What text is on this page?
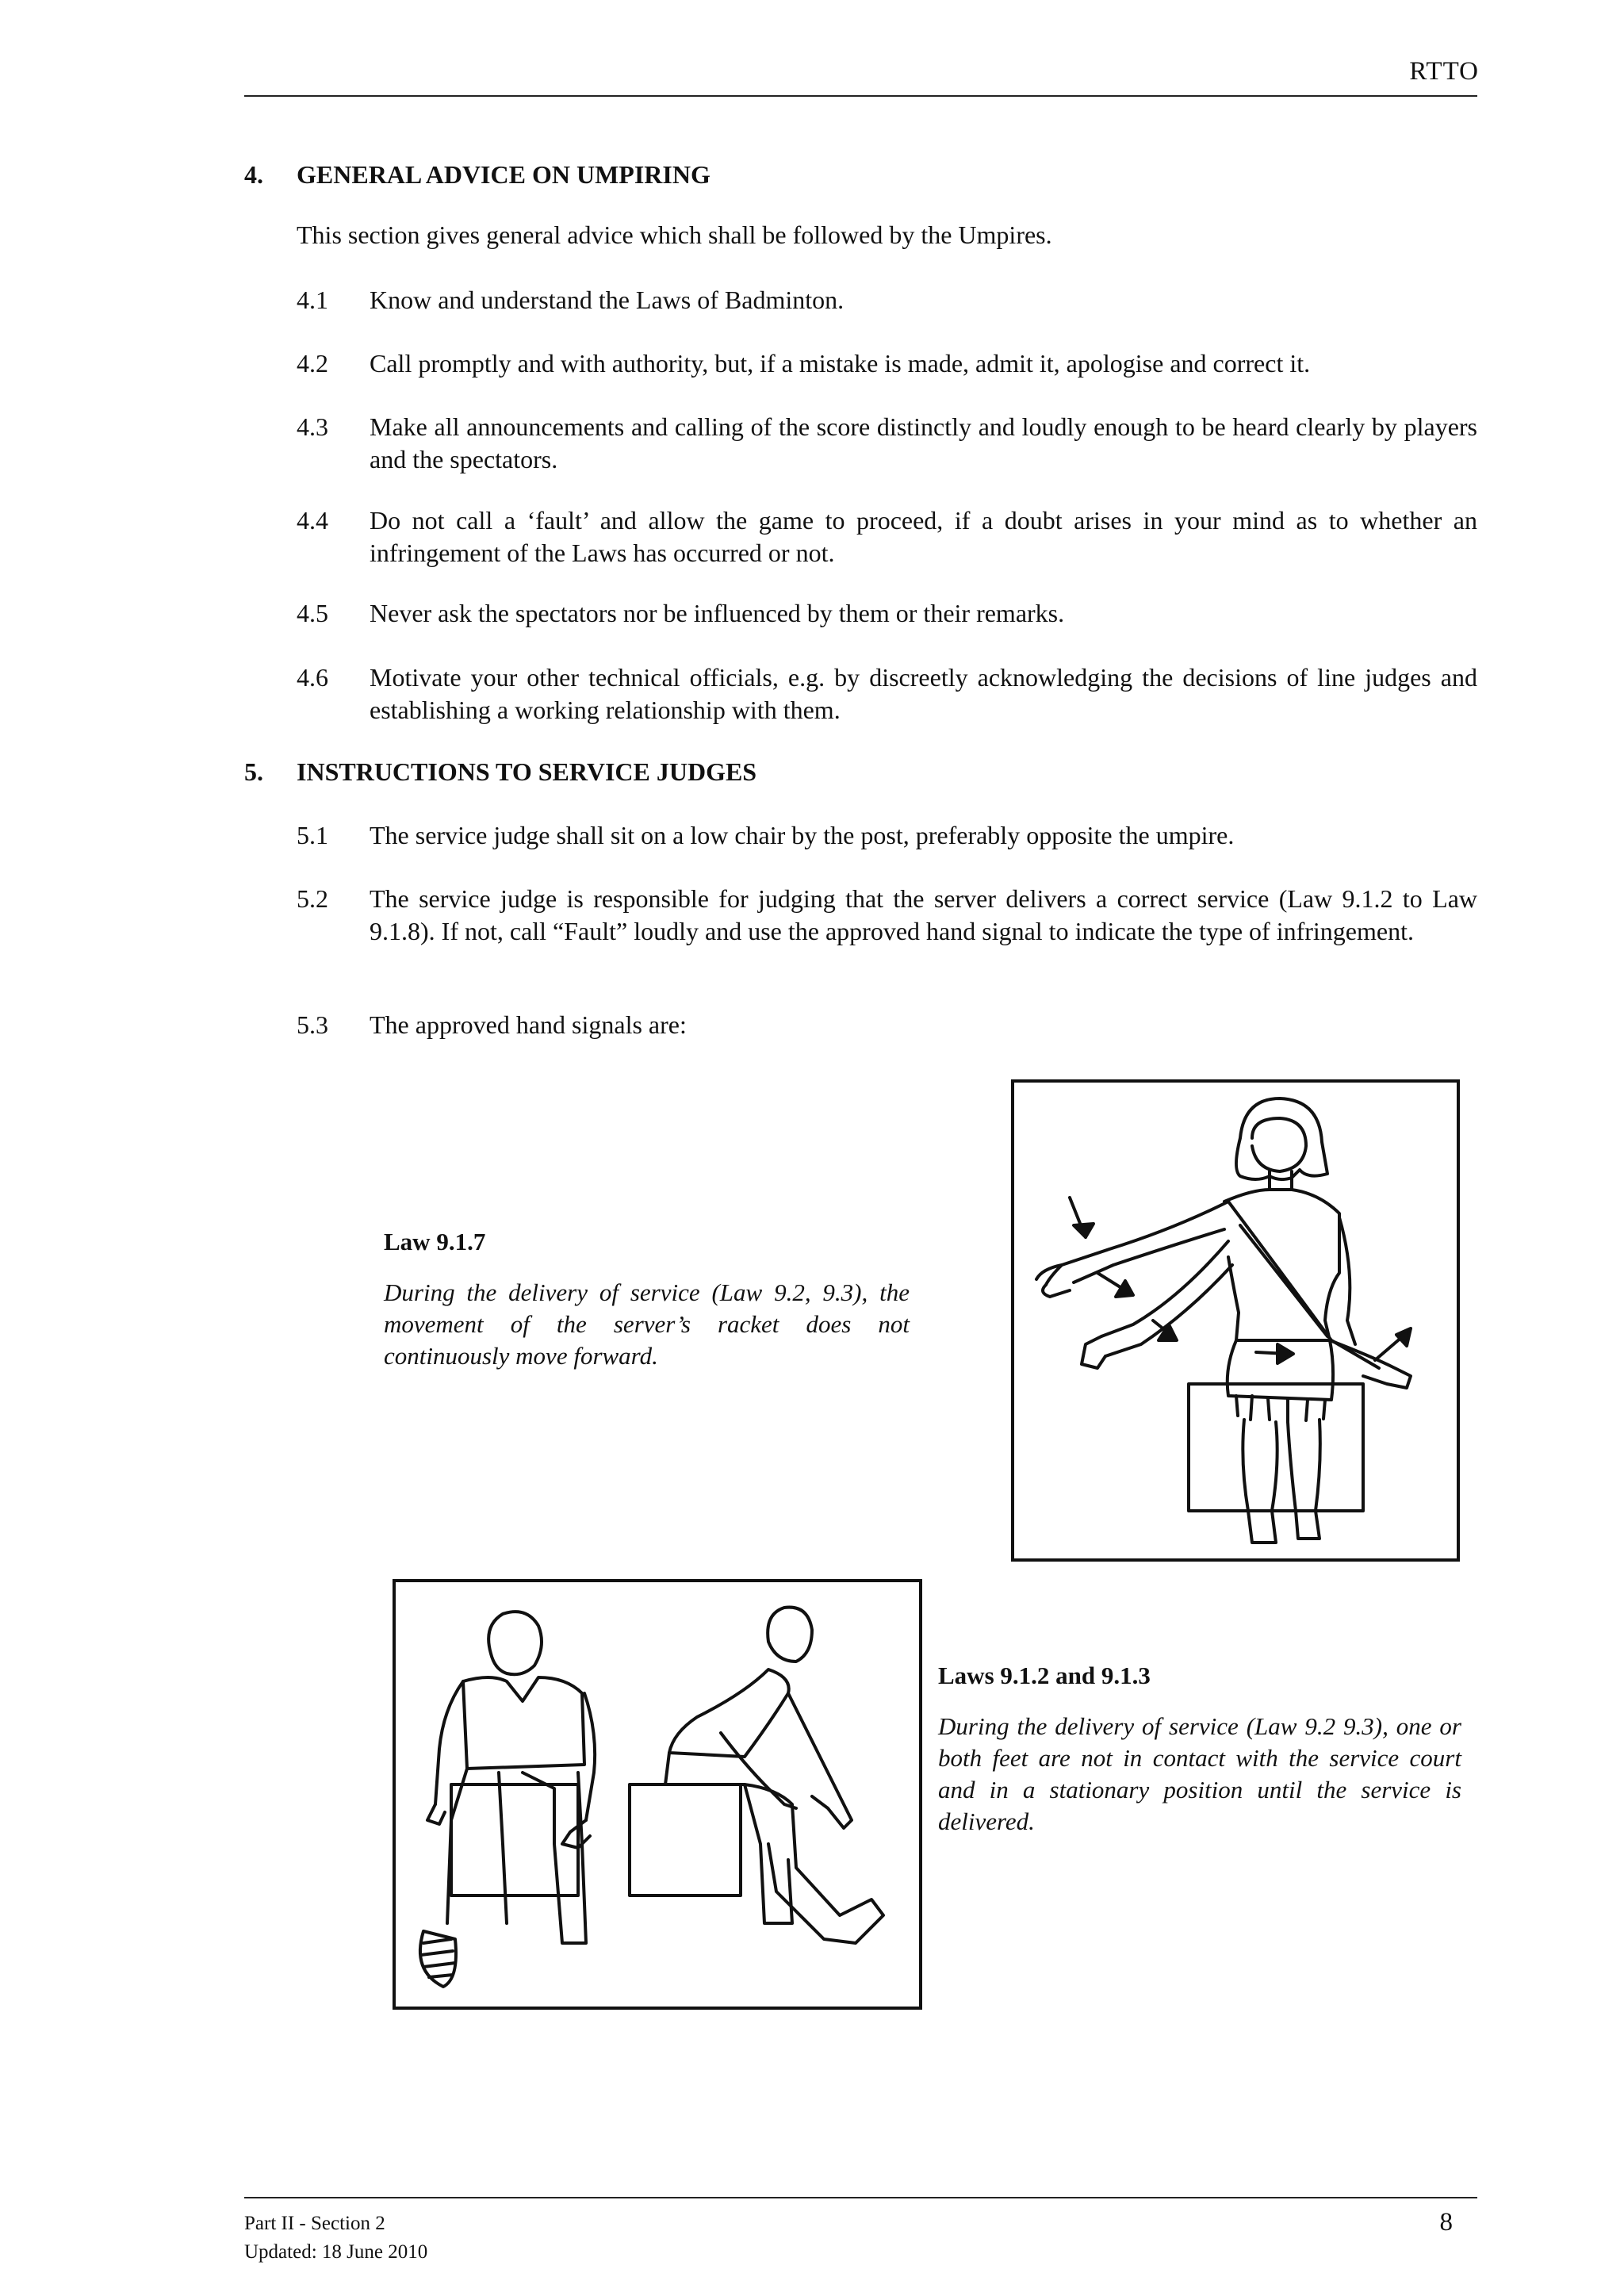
RTTO
4.	GENERAL ADVICE ON UMPIRING
This section gives general advice which shall be followed by the Umpires.
4.1	Know and understand the Laws of Badminton.
4.2	Call promptly and with authority, but, if a mistake is made, admit it, apologise and correct it.
4.3	Make all announcements and calling of the score distinctly and loudly enough to be heard clearly by players and the spectators.
4.4	Do not call a ‘fault’ and allow the game to proceed, if a doubt arises in your mind as to whether an infringement of the Laws has occurred or not.
4.5	Never ask the spectators nor be influenced by them or their remarks.
4.6	Motivate your other technical officials, e.g. by discreetly acknowledging the decisions of line judges and establishing a working relationship with them.
5.	INSTRUCTIONS TO SERVICE JUDGES
5.1	The service judge shall sit on a low chair by the post, preferably opposite the umpire.
5.2	The service judge is responsible for judging that the server delivers a correct service (Law 9.1.2 to Law 9.1.8). If not, call “Fault” loudly and use the approved hand signal to indicate the type of infringement.
5.3	The approved hand signals are:
Law 9.1.7
During the delivery of service (Law 9.2, 9.3), the movement of the server’s racket does not continuously move forward.
Laws 9.1.2 and 9.1.3
During the delivery of service (Law 9.2 9.3), one or both feet are not in contact with the service court and in a stationary position until the service is delivered.
Part II - Section 2
Updated: 18 June 2010
8
